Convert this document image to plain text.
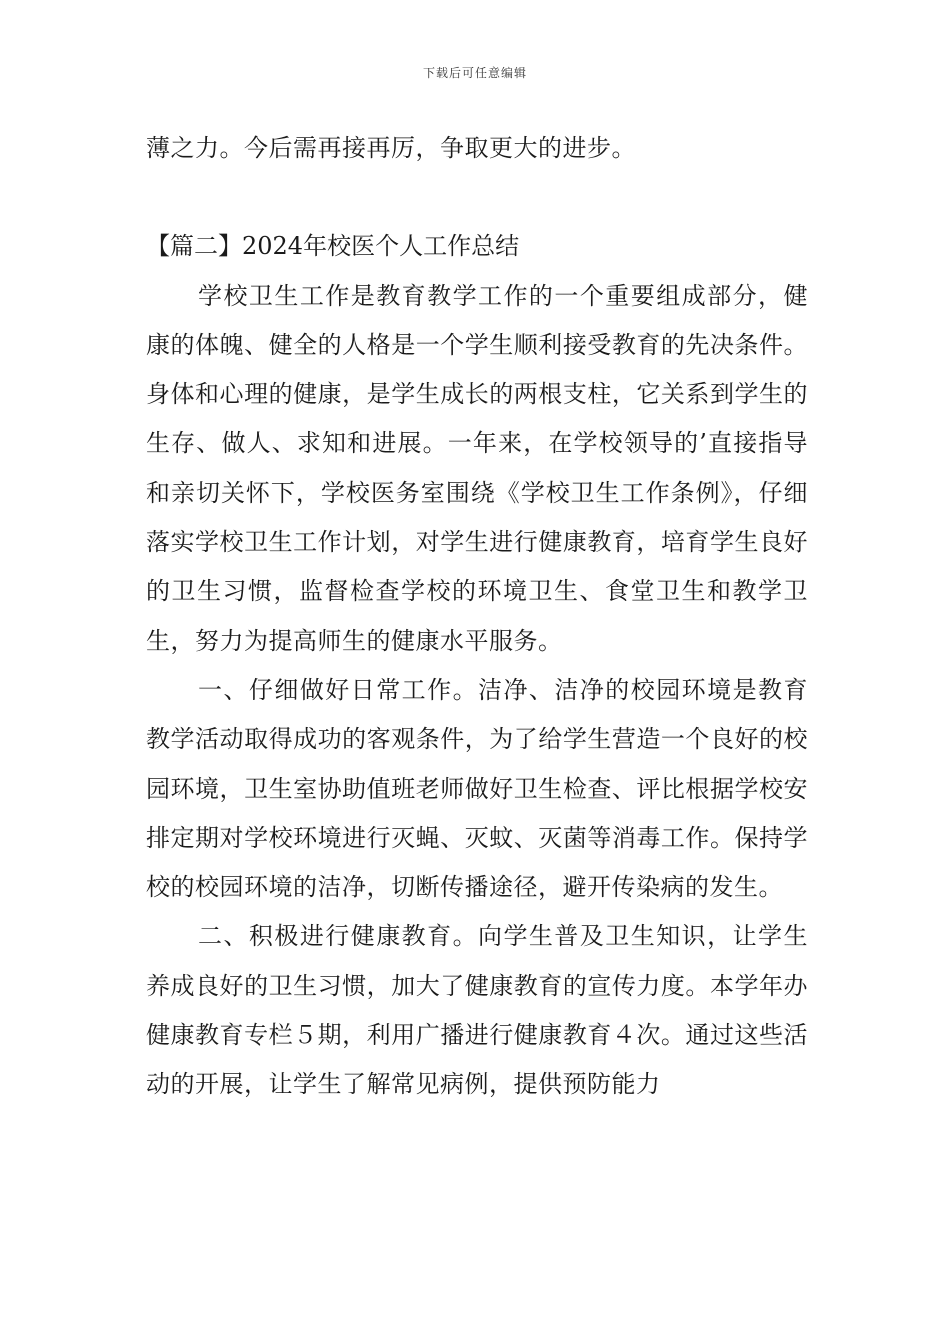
下载后可任意编辑

薄之力。今后需再接再厉，争取更大的进步。

【篇二】2024年校医个人工作总结

学校卫生工作是教育教学工作的一个重要组成部分，健康的体魄、健全的人格是一个学生顺利接受教育的先决条件。身体和心理的健康，是学生成长的两根支柱，它关系到学生的生存、做人、求知和进展。一年来，在学校领导的’直接指导和亲切关怀下，学校医务室围绕《学校卫生工作条例》，仔细落实学校卫生工作计划，对学生进行健康教育，培育学生良好的卫生习惯，监督检查学校的环境卫生、食堂卫生和教学卫生，努力为提高师生的健康水平服务。

一、仔细做好日常工作。洁净、洁净的校园环境是教育教学活动取得成功的客观条件，为了给学生营造一个良好的校园环境，卫生室协助值班老师做好卫生检查、评比根据学校安排定期对学校环境进行灭蝇、灭蚊、灭菌等消毒工作。保持学校的校园环境的洁净，切断传播途径，避开传染病的发生。

二、积极进行健康教育。向学生普及卫生知识，让学生养成良好的卫生习惯，加大了健康教育的宣传力度。本学年办健康教育专栏５期，利用广播进行健康教育４次。通过这些活动的开展，让学生了解常见病例，提供预防能力
